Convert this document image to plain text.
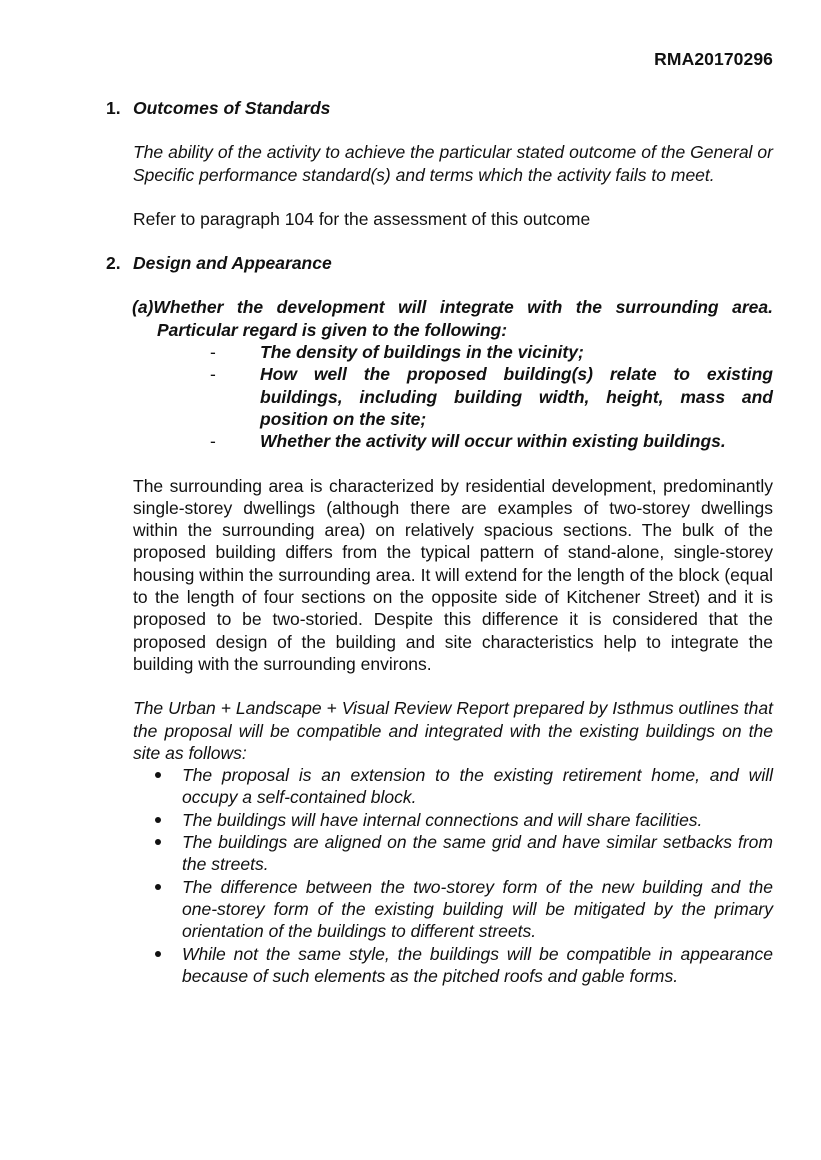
RMA20170296
1 . Outcomes of Standards

The ability of the activity to achieve the particular stated outcome of the General or Specific performance standard(s) and terms which the activity fails to meet.

Refer to paragraph 104 for the assessment of this outcome

2 . Design and Appearance
(a)Whether the development will integrate with the surrounding area. Particular regard is given to the following:
-	The density of buildings in the vicinity;
-	How well the proposed building(s) relate to existing buildings, including building width, height, mass and position on the site;
-	Whether the activity will occur within existing buildings.

The surrounding area is characterized by residential development, predominantly single-storey dwellings (although there are examples of two-storey dwellings within the surrounding area) on relatively spacious sections. The bulk of the proposed building differs from the typical pattern of stand-alone, single-storey housing within the surrounding area. It will extend for the length of the block (equal to the length of four sections on the opposite side of Kitchener Street) and it is proposed to be two-storied. Despite this difference it is considered that the proposed design of the building and site characteristics help to integrate the building with the surrounding environs.

The Urban + Landscape + Visual Review Report prepared by Isthmus outlines that the proposal will be compatible and integrated with the existing buildings on the site as follows:

The proposal is an extension to the existing retirement home, and will occupy a self-contained block.
The buildings will have internal connections and will share facilities.
The buildings are aligned on the same grid and have similar setbacks from the streets.
The difference between the two-storey form of the new building and the one-storey form of the existing building will be mitigated by the primary orientation of the buildings to different streets.
While not the same style, the buildings will be compatible in appearance because of such elements as the pitched roofs and gable forms.
